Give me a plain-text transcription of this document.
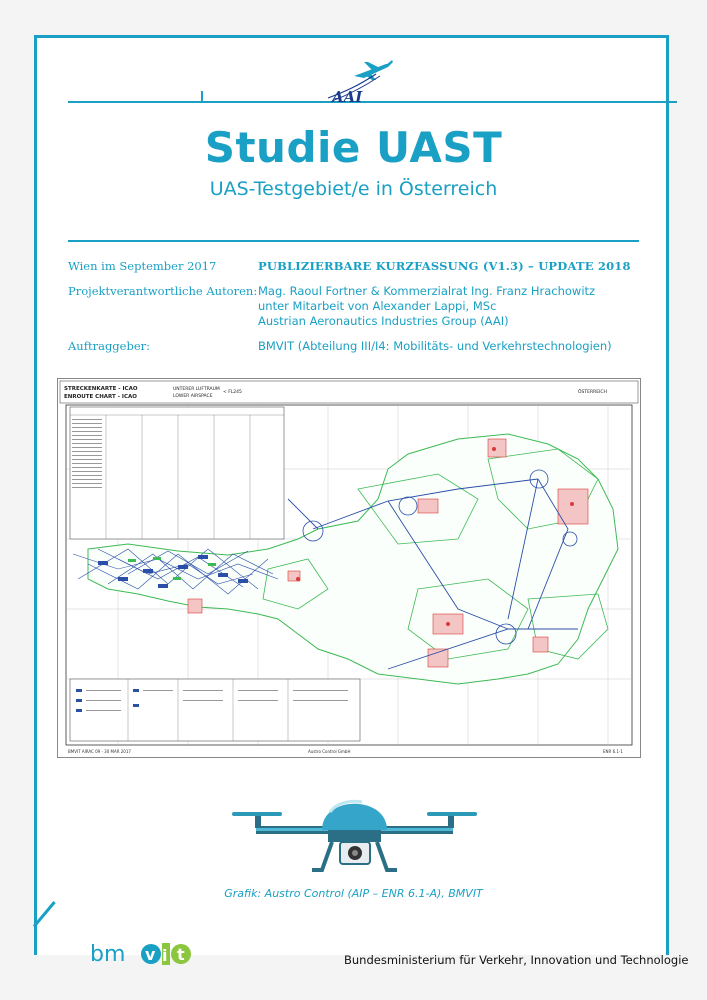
AAI
Studie UAST
UAS-Testgebiet/e in Österreich
Wien im September 2017	PUBLIZIERBARE KURZFASSUNG (V1.3) – UPDATE 2018
Projektverantwortliche Autoren: Mag. Raoul Fortner & Kommerzialrat Ing. Franz Hrachowitz
unter Mitarbeit von Alexander Lappi, MSc
Austrian Aeronautics Industries Group (AAI)
Auftraggeber:	BMVIT (Abteilung III/I4: Mobilitäts- und Verkehrstechnologien)
STRECKENKARTE - ICAO
ENROUTE CHART - ICAO
UNTERER LUFTRAUM
LOWER AIRSPACE
< FL245	ÖSTERREICH
BMVIT AIRAC 09 - 30 MAR 2017	Austro Control GmbH	ENR 6.1-1
Grafik: Austro Control (AIP – ENR 6.1-A), BMVIT
bm v i t	Bundesministerium für Verkehr, Innovation und Technologie
